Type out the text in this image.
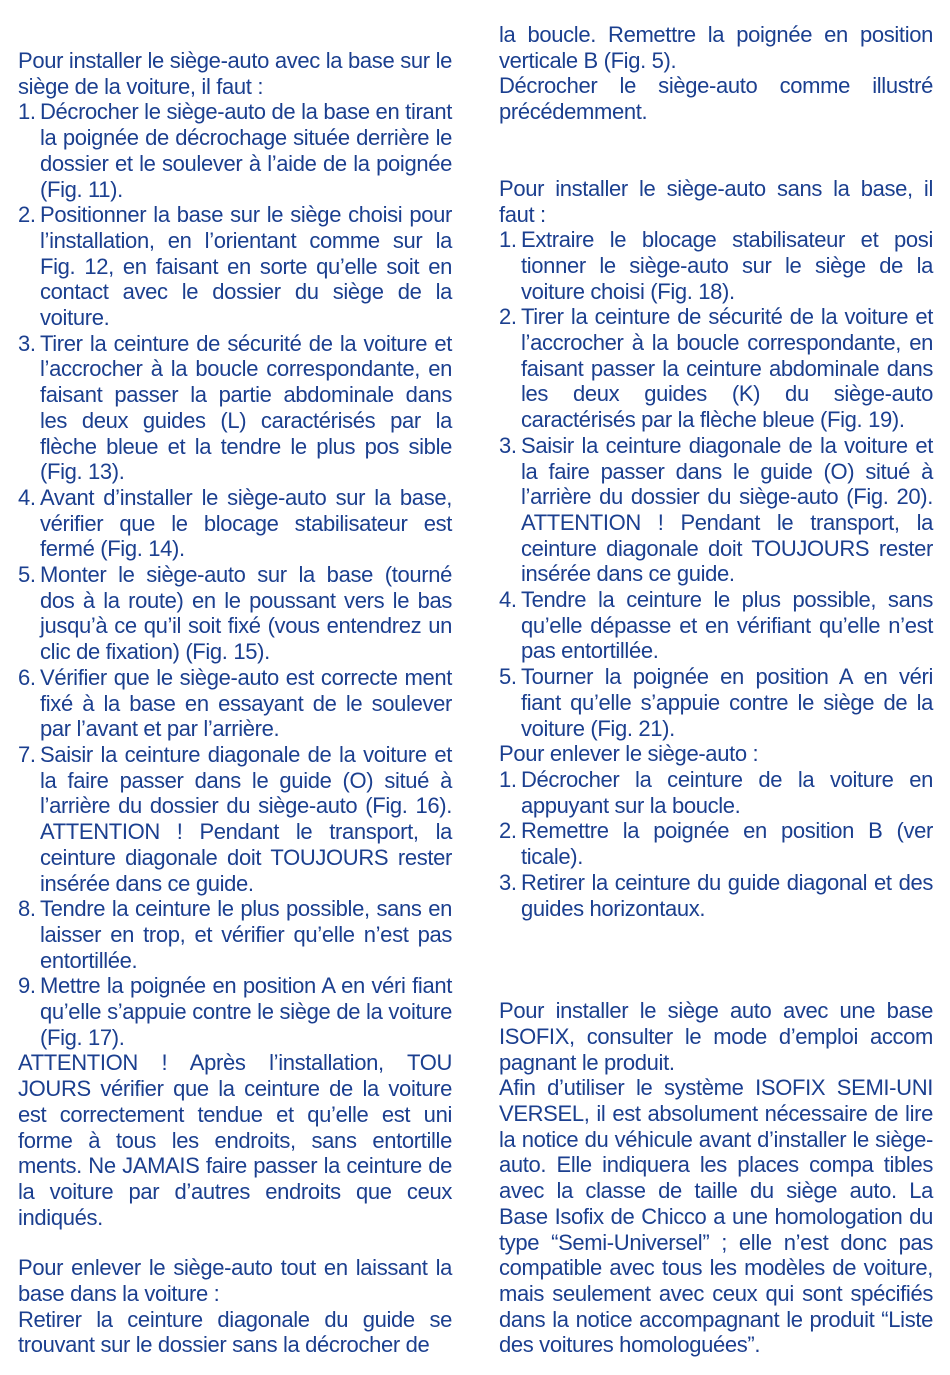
Pour installer le siège-auto avec la base sur le siège de la voiture, il faut :

1. Décrocher le siège-auto de la base en tirant la poignée de décrochage située derrière le dossier et le soulever à l’aide de la poignée (Fig. 11).
2. Positionner la base sur le siège choisi pour l’installation, en l’orientant comme sur la Fig. 12, en faisant en sorte qu’elle soit en contact avec le dossier du siège de la voiture.
3. Tirer la ceinture de sécurité de la voiture et l’accrocher à la boucle correspondante, en faisant passer la partie abdominale dans les deux guides (L) caractérisés par la flèche bleue et la tendre le plus pos sible (Fig. 13).
4. Avant d’installer le siège-auto sur la base, vérifier que le blocage stabilisateur est fermé (Fig. 14).
5. Monter le siège-auto sur la base (tourné dos à la route) en le poussant vers le bas jusqu’à ce qu’il soit fixé (vous entendrez un clic de fixation) (Fig. 15).
6. Vérifier que le siège-auto est correcte ment fixé à la base en essayant de le soulever par l’avant et par l’arrière.
7. Saisir la ceinture diagonale de la voiture et la faire passer dans le guide (O) situé à l’arrière du dossier du siège-auto (Fig. 16). ATTENTION ! Pendant le transport, la ceinture diagonale doit TOUJOURS rester insérée dans ce guide.
8. Tendre la ceinture le plus possible, sans en laisser en trop, et vérifier qu’elle n’est pas entortillée.
9. Mettre la poignée en position A en véri fiant qu’elle s’appuie contre le siège de la voiture (Fig. 17).

ATTENTION ! Après l’installation, TOU JOURS vérifier que la ceinture de la voiture est correctement tendue et qu’elle est uni forme à tous les endroits, sans entortille ments. Ne JAMAIS faire passer la ceinture de la voiture par d’autres endroits que ceux indiqués.

Pour enlever le siège-auto tout en laissant la base dans la voiture :

Retirer la ceinture diagonale du guide se trouvant sur le dossier sans la décrocher de

la boucle. Remettre la poignée en position verticale B (Fig. 5).

Décrocher le siège-auto comme illustré précédemment.

Pour installer le siège-auto sans la base, il faut :

1. Extraire le blocage stabilisateur et posi tionner le siège-auto sur le siège de la voiture choisi (Fig. 18).
2. Tirer la ceinture de sécurité de la voiture et l’accrocher à la boucle correspondante, en faisant passer la ceinture abdominale dans les deux guides (K) du siège-auto caractérisés par la flèche bleue (Fig. 19).
3. Saisir la ceinture diagonale de la voiture et la faire passer dans le guide (O) situé à l’arrière du dossier du siège-auto (Fig. 20). ATTENTION ! Pendant le transport, la ceinture diagonale doit TOUJOURS rester insérée dans ce guide.
4. Tendre la ceinture le plus possible, sans qu’elle dépasse et en vérifiant qu’elle n’est pas entortillée.
5. Tourner la poignée en position A en véri fiant qu’elle s’appuie contre le siège de la voiture (Fig. 21).

Pour enlever le siège-auto :

1. Décrocher la ceinture de la voiture en appuyant sur la boucle.
2. Remettre la poignée en position B (ver ticale).
3. Retirer la ceinture du guide diagonal et des guides horizontaux.

Pour installer le siège auto avec une base ISOFIX, consulter le mode d’emploi accom pagnant le produit.

Afin d’utiliser le système ISOFIX SEMI-UNI VERSEL, il est absolument nécessaire de lire la notice du véhicule avant d’installer le siège-auto. Elle indiquera les places compa tibles avec la classe de taille du siège auto. La Base Isofix de Chicco a une homologation du type “Semi-Universel” ; elle n’est donc pas compatible avec tous les modèles de voiture, mais seulement avec ceux qui sont spécifiés dans la notice accompagnant le produit “Liste des voitures homologuées”.
